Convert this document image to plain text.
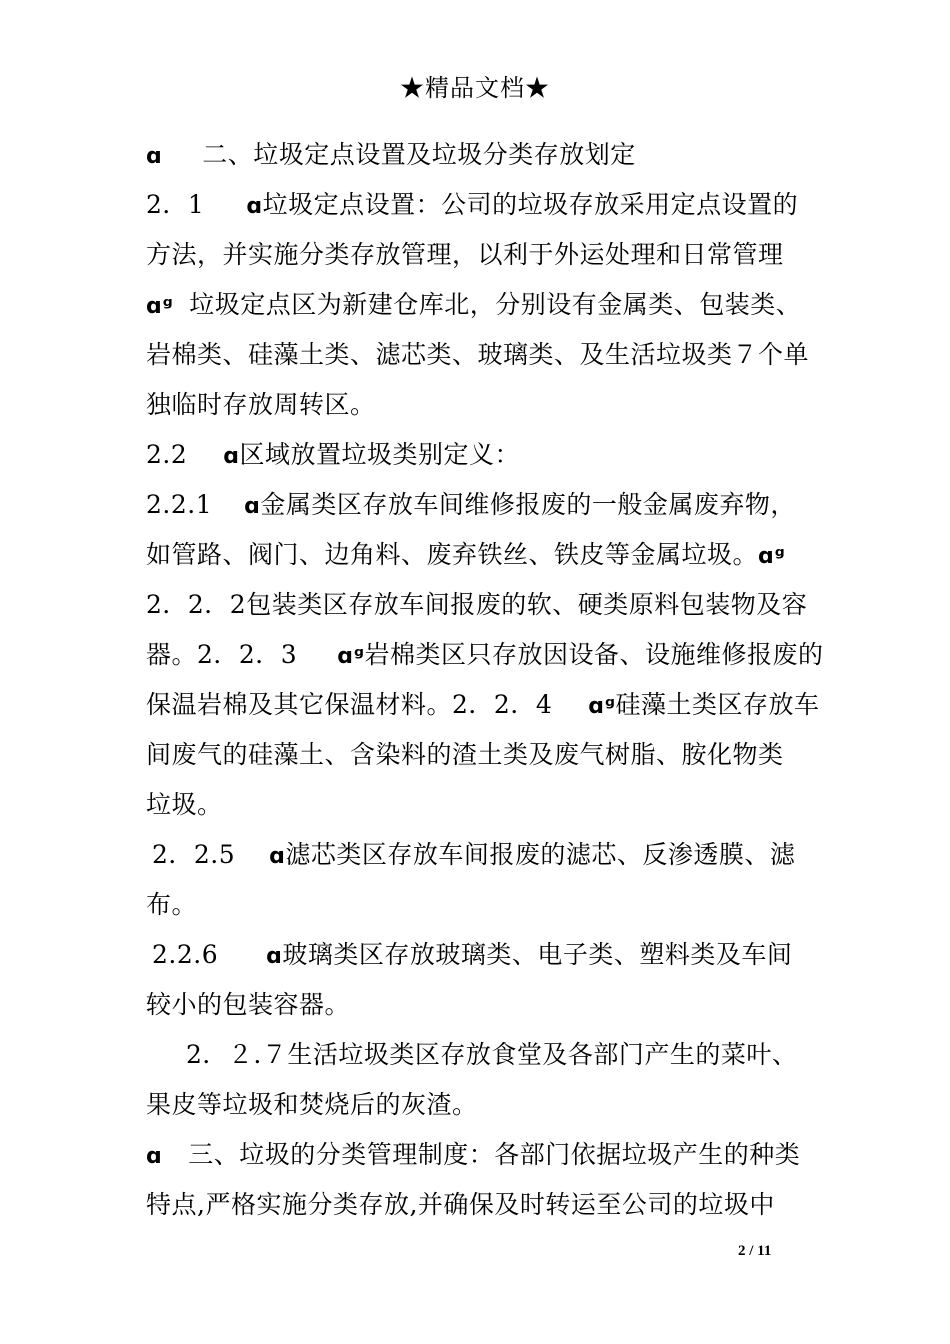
★精品文档★
ɑ 二、垃圾定点设置及垃圾分类存放划定
2．1 ɑ垃圾定点设置：公司的垃圾存放采用定点设置的
方法，并实施分类存放管理，以利于外运处理和日常管理
ɑᵍ 垃圾定点区为新建仓库北，分别设有金属类、包装类、
岩棉类、硅藻土类、滤芯类、玻璃类、及生活垃圾类７个单
独临时存放周转区。
2.2 ɑ区域放置垃圾类别定义：
2.2.1 ɑ金属类区存放车间维修报废的一般金属废弃物，
如管路、阀门、边角料、废弃铁丝、铁皮等金属垃圾。ɑᵍ
2．2．2包装类区存放车间报废的软、硬类原料包装物及容
器。2．2．3 ɑᵍ岩棉类区只存放因设备、设施维修报废的
保温岩棉及其它保温材料。2．2．4 ɑᵍ硅藻土类区存放车
间废气的硅藻土、含染料的渣土类及废气树脂、胺化物类
垃圾。
2．2.5 ɑ滤芯类区存放车间报废的滤芯、反渗透膜、滤
布。
2.2.6 ɑ玻璃类区存放玻璃类、电子类、塑料类及车间
较小的包装容器。
2．２.７生活垃圾类区存放食堂及各部门产生的菜叶、
果皮等垃圾和焚烧后的灰渣。
ɑ 三、垃圾的分类管理制度：各部门依据垃圾产生的种类
特点,严格实施分类存放,并确保及时转运至公司的垃圾中
2 / 11
